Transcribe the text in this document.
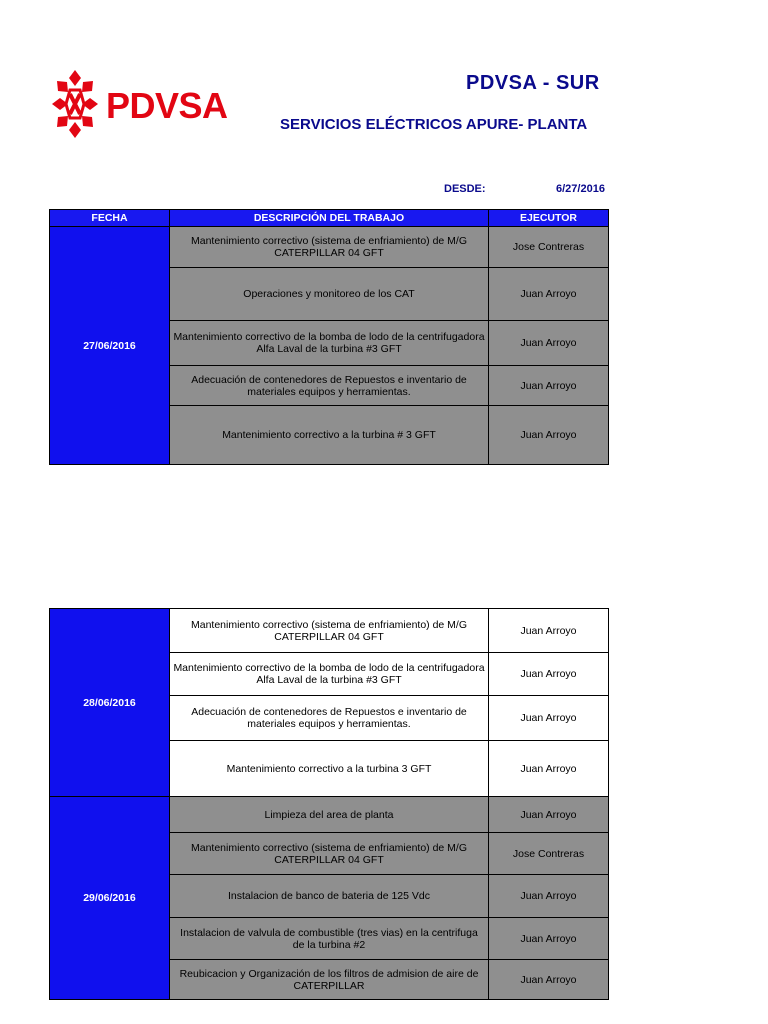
PDVSA
PDVSA - SUR
SERVICIOS ELÉCTRICOS APURE- PLANTA
DESDE:	6/27/2016
FECHA	DESCRIPCIÓN DEL TRABAJO	EJECUTOR
27/06/2016	Mantenimiento correctivo (sistema de enfriamiento) de M/G CATERPILLAR 04 GFT	Jose Contreras
	Operaciones y monitoreo de los CAT	Juan Arroyo
	Mantenimiento correctivo de la bomba de lodo de la centrifugadora Alfa Laval de la turbina #3 GFT	Juan Arroyo
	Adecuación de contenedores de Repuestos e inventario de materiales equipos y herramientas.	Juan Arroyo
	Mantenimiento correctivo a la turbina # 3 GFT	Juan Arroyo
28/06/2016	Mantenimiento correctivo (sistema de enfriamiento) de M/G CATERPILLAR 04 GFT	Juan Arroyo
	Mantenimiento correctivo de la bomba de lodo de la centrifugadora Alfa Laval de la turbina #3 GFT	Juan Arroyo
	Adecuación de contenedores de Repuestos e inventario de materiales equipos y herramientas.	Juan Arroyo
	Mantenimiento correctivo a la turbina 3 GFT	Juan Arroyo
29/06/2016	Limpieza del area de planta	Juan Arroyo
	Mantenimiento correctivo (sistema de enfriamiento) de M/G CATERPILLAR 04 GFT	Jose Contreras
	Instalacion de banco de bateria de 125 Vdc	Juan Arroyo
	Instalacion de valvula de combustible (tres vias) en la centrifuga de la turbina #2	Juan Arroyo
	Reubicacion y Organización de los filtros de admision de aire de CATERPILLAR	Juan Arroyo
